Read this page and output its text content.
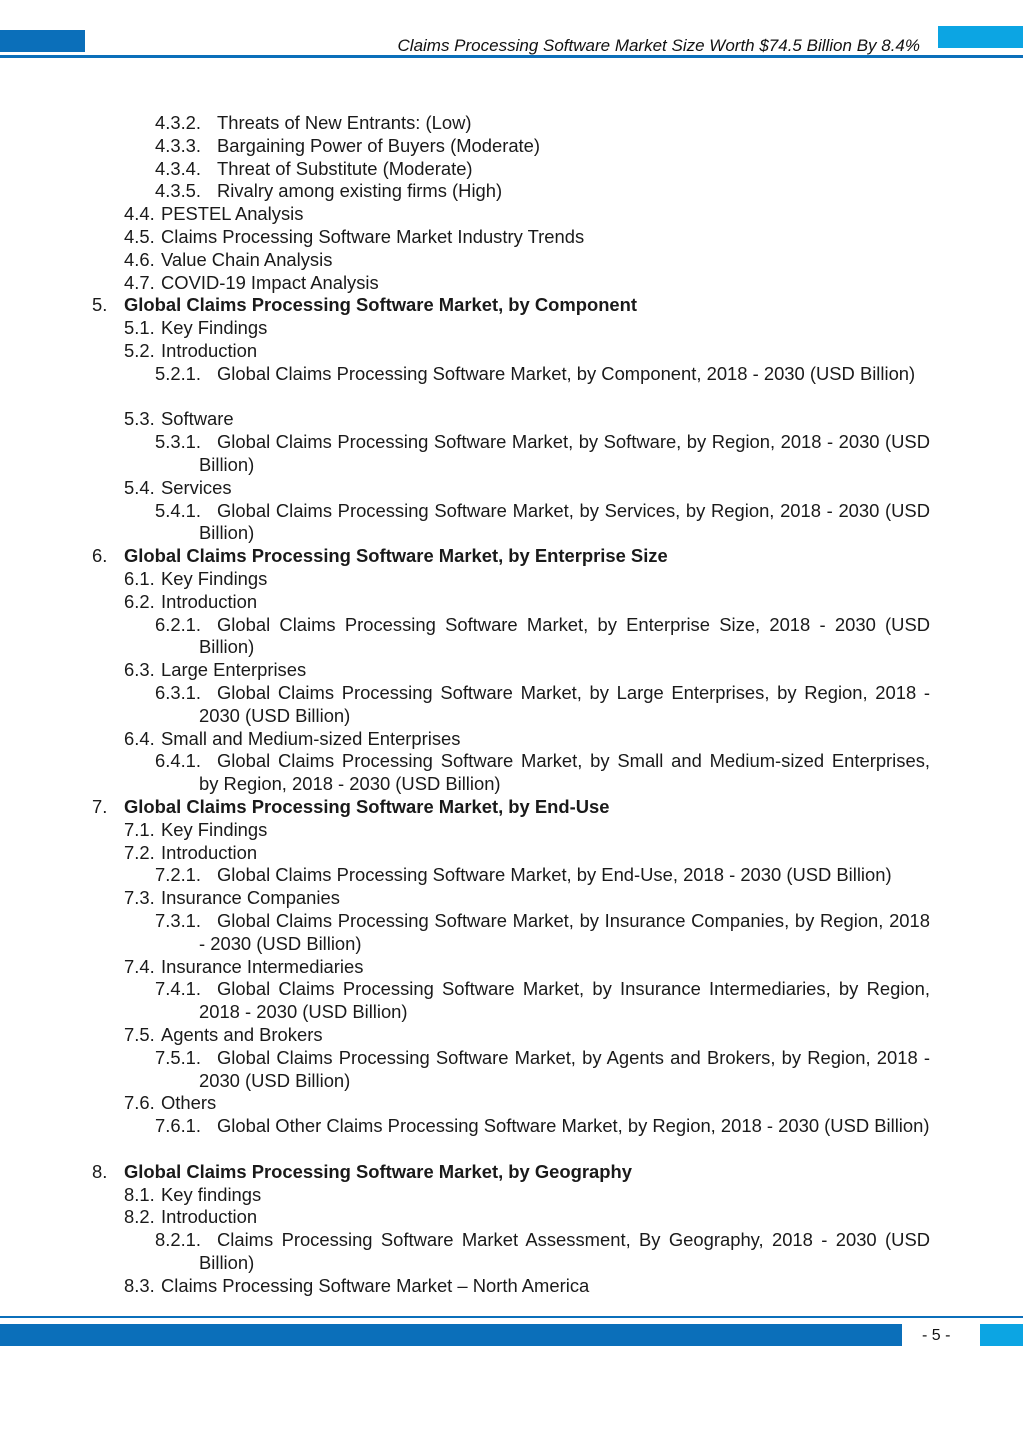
Claims Processing Software Market Size Worth $74.5 Billion By 8.4%
4.3.2. Threats of New Entrants: (Low)
4.3.3. Bargaining Power of Buyers (Moderate)
4.3.4. Threat of Substitute (Moderate)
4.3.5. Rivalry among existing firms (High)
4.4. PESTEL Analysis
4.5. Claims Processing Software Market Industry Trends
4.6. Value Chain Analysis
4.7. COVID-19 Impact Analysis
5. Global Claims Processing Software Market, by Component
5.1. Key Findings
5.2. Introduction
5.2.1. Global Claims Processing Software Market, by Component, 2018 - 2030 (USD Billion)
5.3. Software
5.3.1. Global Claims Processing Software Market, by Software, by Region, 2018 - 2030 (USD Billion)
5.4. Services
5.4.1. Global Claims Processing Software Market, by Services, by Region, 2018 - 2030 (USD Billion)
6. Global Claims Processing Software Market, by Enterprise Size
6.1. Key Findings
6.2. Introduction
6.2.1. Global Claims Processing Software Market, by Enterprise Size, 2018 - 2030 (USD Billion)
6.3. Large Enterprises
6.3.1. Global Claims Processing Software Market, by Large Enterprises, by Region, 2018 - 2030 (USD Billion)
6.4. Small and Medium-sized Enterprises
6.4.1. Global Claims Processing Software Market, by Small and Medium-sized Enterprises, by Region, 2018 - 2030 (USD Billion)
7. Global Claims Processing Software Market, by End-Use
7.1. Key Findings
7.2. Introduction
7.2.1. Global Claims Processing Software Market, by End-Use, 2018 - 2030 (USD Billion)
7.3. Insurance Companies
7.3.1. Global Claims Processing Software Market, by Insurance Companies, by Region, 2018 - 2030 (USD Billion)
7.4. Insurance Intermediaries
7.4.1. Global Claims Processing Software Market, by Insurance Intermediaries, by Region, 2018 - 2030 (USD Billion)
7.5. Agents and Brokers
7.5.1. Global Claims Processing Software Market, by Agents and Brokers, by Region, 2018 - 2030 (USD Billion)
7.6. Others
7.6.1. Global Other Claims Processing Software Market, by Region, 2018 - 2030 (USD Billion)
8. Global Claims Processing Software Market, by Geography
8.1. Key findings
8.2. Introduction
8.2.1. Claims Processing Software Market Assessment, By Geography, 2018 - 2030 (USD Billion)
8.3. Claims Processing Software Market – North America
- 5 -
